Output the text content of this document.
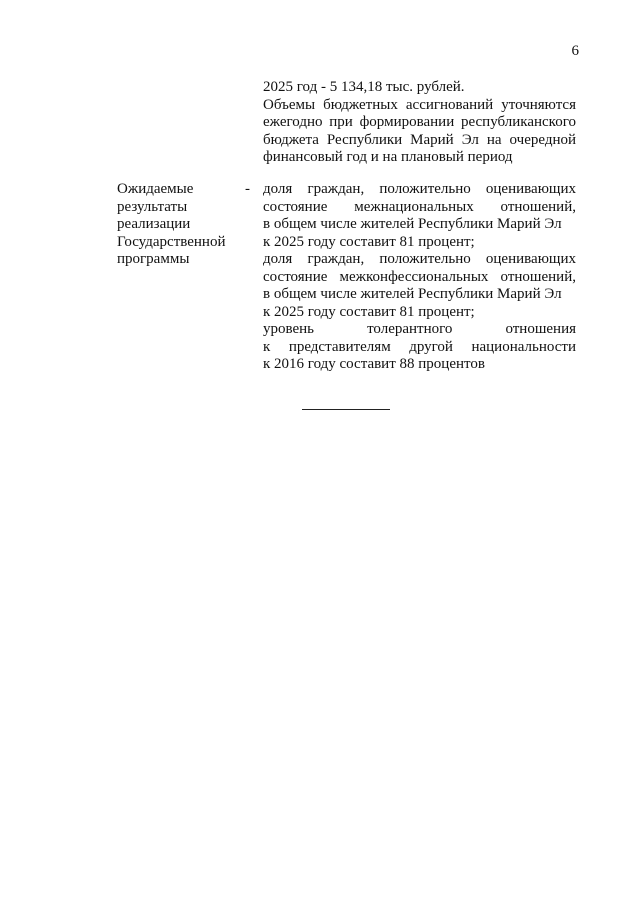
6

2025 год - 5 134,18 тыс. рублей.

Объемы бюджетных ассигнований уточняются ежегодно при формировании республиканского бюджета Республики Марий Эл на очередной финансовый год и на плановый период

Ожидаемые
результаты
реализации
Государственной
программы
- доля граждан, положительно оценивающих
состояние межнациональных отношений,
в общем числе жителей Республики Марий Эл
к 2025 году составит 81 процент;
доля граждан, положительно оценивающих
состояние межконфессиональных отношений,
в общем числе жителей Республики Марий Эл
к 2025 году составит 81 процент;
уровень	толерантного	отношения
к представителям другой национальности
к 2016 году составит 88 процентов
